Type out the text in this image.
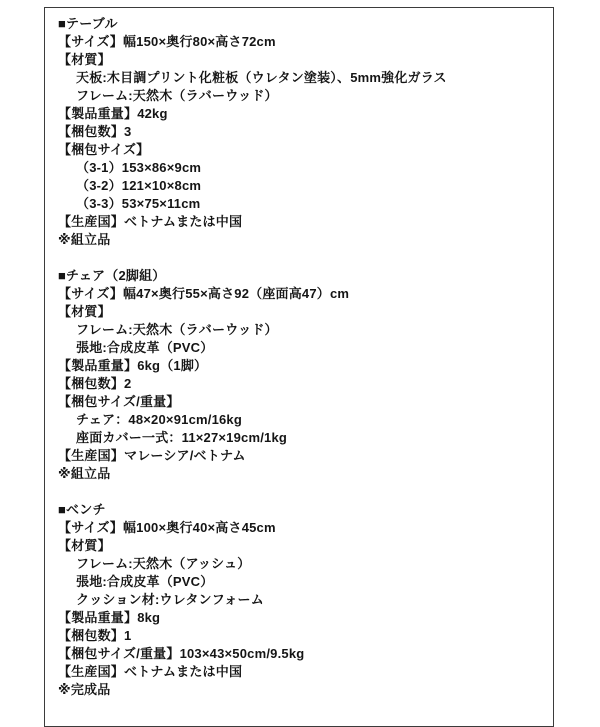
■テーブル
【サイズ】幅150×奥行80×高さ72cm
【材質】
天板:木目調プリント化粧板（ウレタン塗装）、5mm強化ガラス
フレーム:天然木（ラバーウッド）
【製品重量】42kg
【梱包数】3
【梱包サイズ】
（3-1）153×86×9cm
（3-2）121×10×8cm
（3-3）53×75×11cm
【生産国】ベトナムまたは中国
※組立品
■チェア（2脚組）
【サイズ】幅47×奥行55×高さ92（座面高47）cm
【材質】
フレーム:天然木（ラバーウッド）
張地:合成皮革（PVC）
【製品重量】6kg（1脚）
【梱包数】2
【梱包サイズ/重量】
チェア：48×20×91cm/16kg
座面カバー一式：11×27×19cm/1kg
【生産国】マレーシア/ベトナム
※組立品
■ベンチ
【サイズ】幅100×奥行40×高さ45cm
【材質】
フレーム:天然木（アッシュ）
張地:合成皮革（PVC）
クッション材:ウレタンフォーム
【製品重量】8kg
【梱包数】1
【梱包サイズ/重量】103×43×50cm/9.5kg
【生産国】ベトナムまたは中国
※完成品
